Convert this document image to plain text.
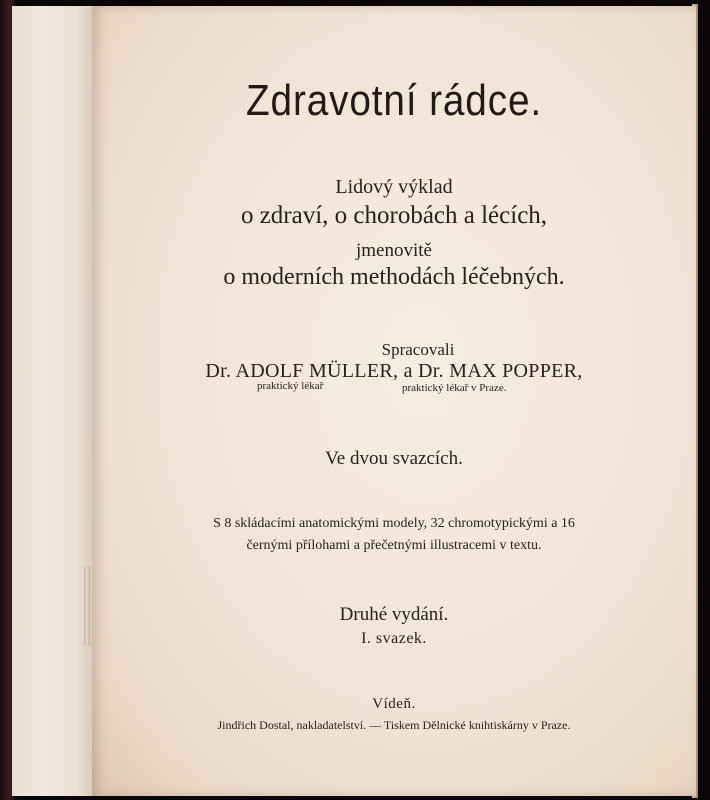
Zdravotní rádce.
Lidový výklad
o zdraví, o chorobách a lécích,
jmenovitě
o moderních methodách léčebných.
Spracovali
Dr. ADOLF MÜLLER, a Dr. MAX POPPER,
praktický lékař	praktický lékař v Praze.
Ve dvou svazcích.
S 8 skládacími anatomickými modely, 32 chromotypickými a 16
černými přílohami a přečetnými illustracemi v textu.
Druhé vydání.
I. svazek.
Vídeň.
Jindřich Dostal, nakladatelství. — Tiskem Dělnické knihtiskárny v Praze.
